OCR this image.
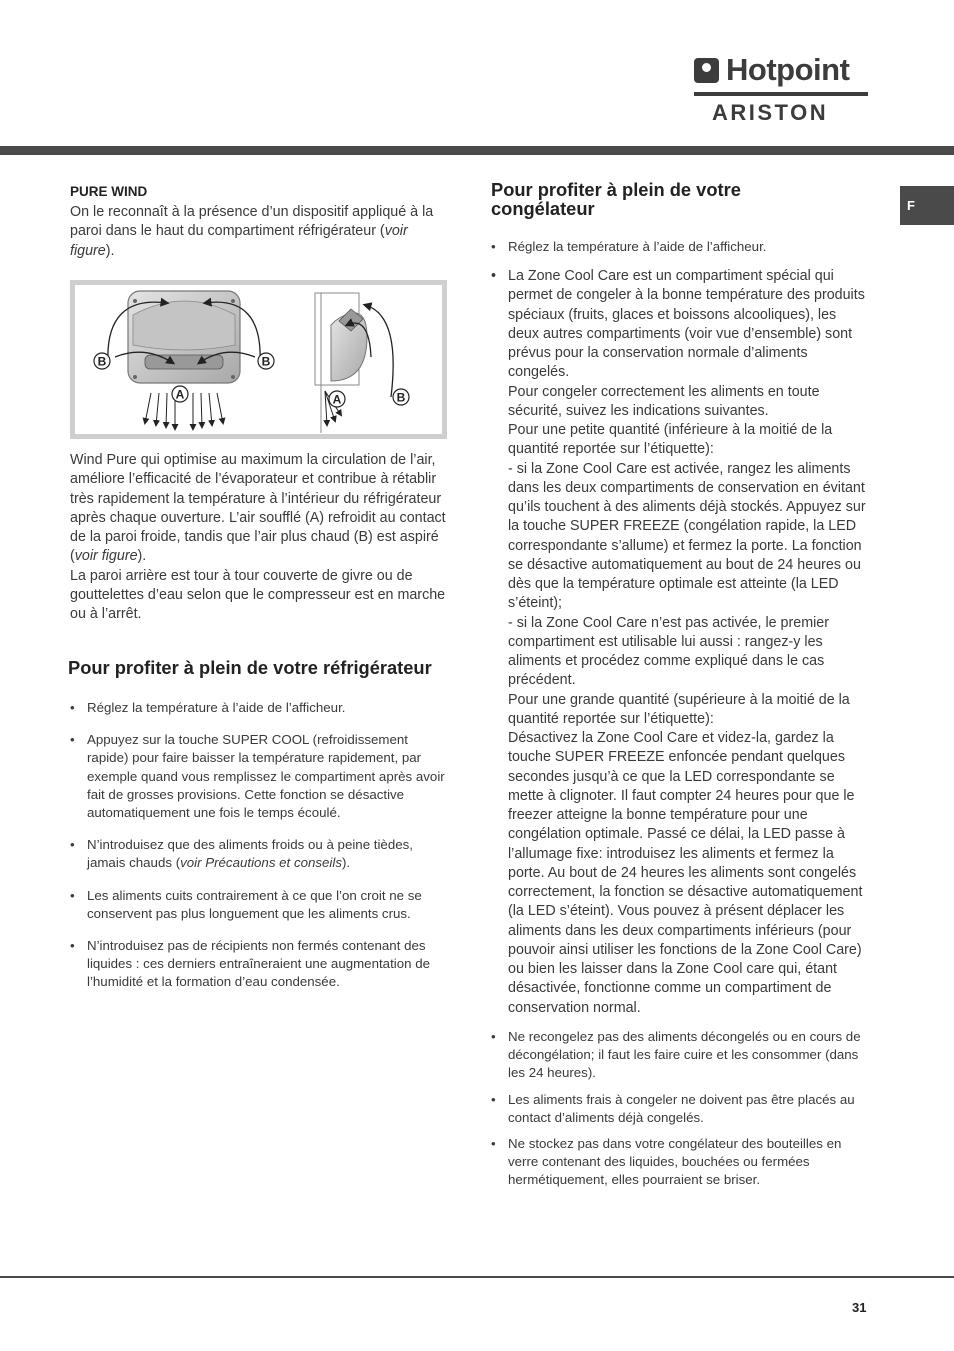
Hotpoint
ARISTON
F
PURE WIND

On le reconnaît à la présence d’un dispositif appliqué à la paroi dans le haut du compartiment réfrigérateur (voir figure).

B	B
A	A	B

Wind Pure qui optimise au maximum la circulation de l’air, améliore l’efficacité de l’évaporateur et contribue à rétablir très rapidement la température à l’intérieur du réfrigérateur après chaque ouverture. L’air soufflé (A) refroidit au contact de la paroi froide, tandis que l’air plus chaud (B) est aspiré (voir figure).

La paroi arrière est tour à tour couverte de givre ou de gouttelettes d’eau selon que le compresseur est en marche ou à l’arrêt.

Pour profiter à plein de votre réfrigérateur
• Réglez la température à l’aide de l’afficheur.
• Appuyez sur la touche SUPER COOL (refroidissement rapide) pour faire baisser la température rapidement, par exemple quand vous remplissez le compartiment après avoir fait de grosses provisions. Cette fonction se désactive automatiquement une fois le temps écoulé.
• N’introduisez que des aliments froids ou à peine tièdes, jamais chauds (voir Précautions et conseils).
• Les aliments cuits contrairement à ce que l’on croit ne se conservent pas plus longuement que les aliments crus.
• N’introduisez pas de récipients non fermés contenant des liquides : ces derniers entraîneraient une augmentation de l’humidité et la formation d’eau condensée.
Pour profiter à plein de votre congélateur
• Réglez la température à l’aide de l’afficheur.
• La Zone Cool Care est un compartiment spécial qui permet de congeler à la bonne température des produits spéciaux (fruits, glaces et boissons alcooliques), les deux autres compartiments (voir vue d’ensemble) sont prévus pour la conservation normale d’aliments congelés.
Pour congeler correctement les aliments en toute sécurité, suivez les indications suivantes.
Pour une petite quantité (inférieure à la moitié de la quantité reportée sur l’étiquette):
- si la Zone Cool Care est activée, rangez les aliments dans les deux compartiments de conservation en évitant qu’ils touchent à des aliments déjà stockés. Appuyez sur la touche SUPER FREEZE (congélation rapide, la LED correspondante s’allume) et fermez la porte. La fonction se désactive automatiquement au bout de 24 heures ou dès que la température optimale est atteinte (la LED s’éteint);
- si la Zone Cool Care n’est pas activée, le premier compartiment est utilisable lui aussi : rangez-y les aliments et procédez comme expliqué dans le cas précédent.
Pour une grande quantité (supérieure à la moitié de la quantité reportée sur l’étiquette):
Désactivez la Zone Cool Care et videz-la, gardez la touche SUPER FREEZE enfoncée pendant quelques secondes jusqu’à ce que la LED correspondante se mette à clignoter. Il faut compter 24 heures pour que le freezer atteigne la bonne température pour une congélation optimale. Passé ce délai, la LED passe à l’allumage fixe: introduisez les aliments et fermez la porte. Au bout de 24 heures les aliments sont congelés correctement, la fonction se désactive automatiquement (la LED s’éteint). Vous pouvez à présent déplacer les aliments dans les deux compartiments inférieurs (pour pouvoir ainsi utiliser les fonctions de la Zone Cool Care) ou bien les laisser dans la Zone Cool care qui, étant désactivée, fonctionne comme un compartiment de conservation normal.
• Ne recongelez pas des aliments décongelés ou en cours de décongélation; il faut les faire cuire et les consommer (dans les 24 heures).
• Les aliments frais à congeler ne doivent pas être placés au contact d’aliments déjà congelés.
• Ne stockez pas dans votre congélateur des bouteilles en verre contenant des liquides, bouchées ou fermées hermétiquement, elles pourraient se briser.
31
